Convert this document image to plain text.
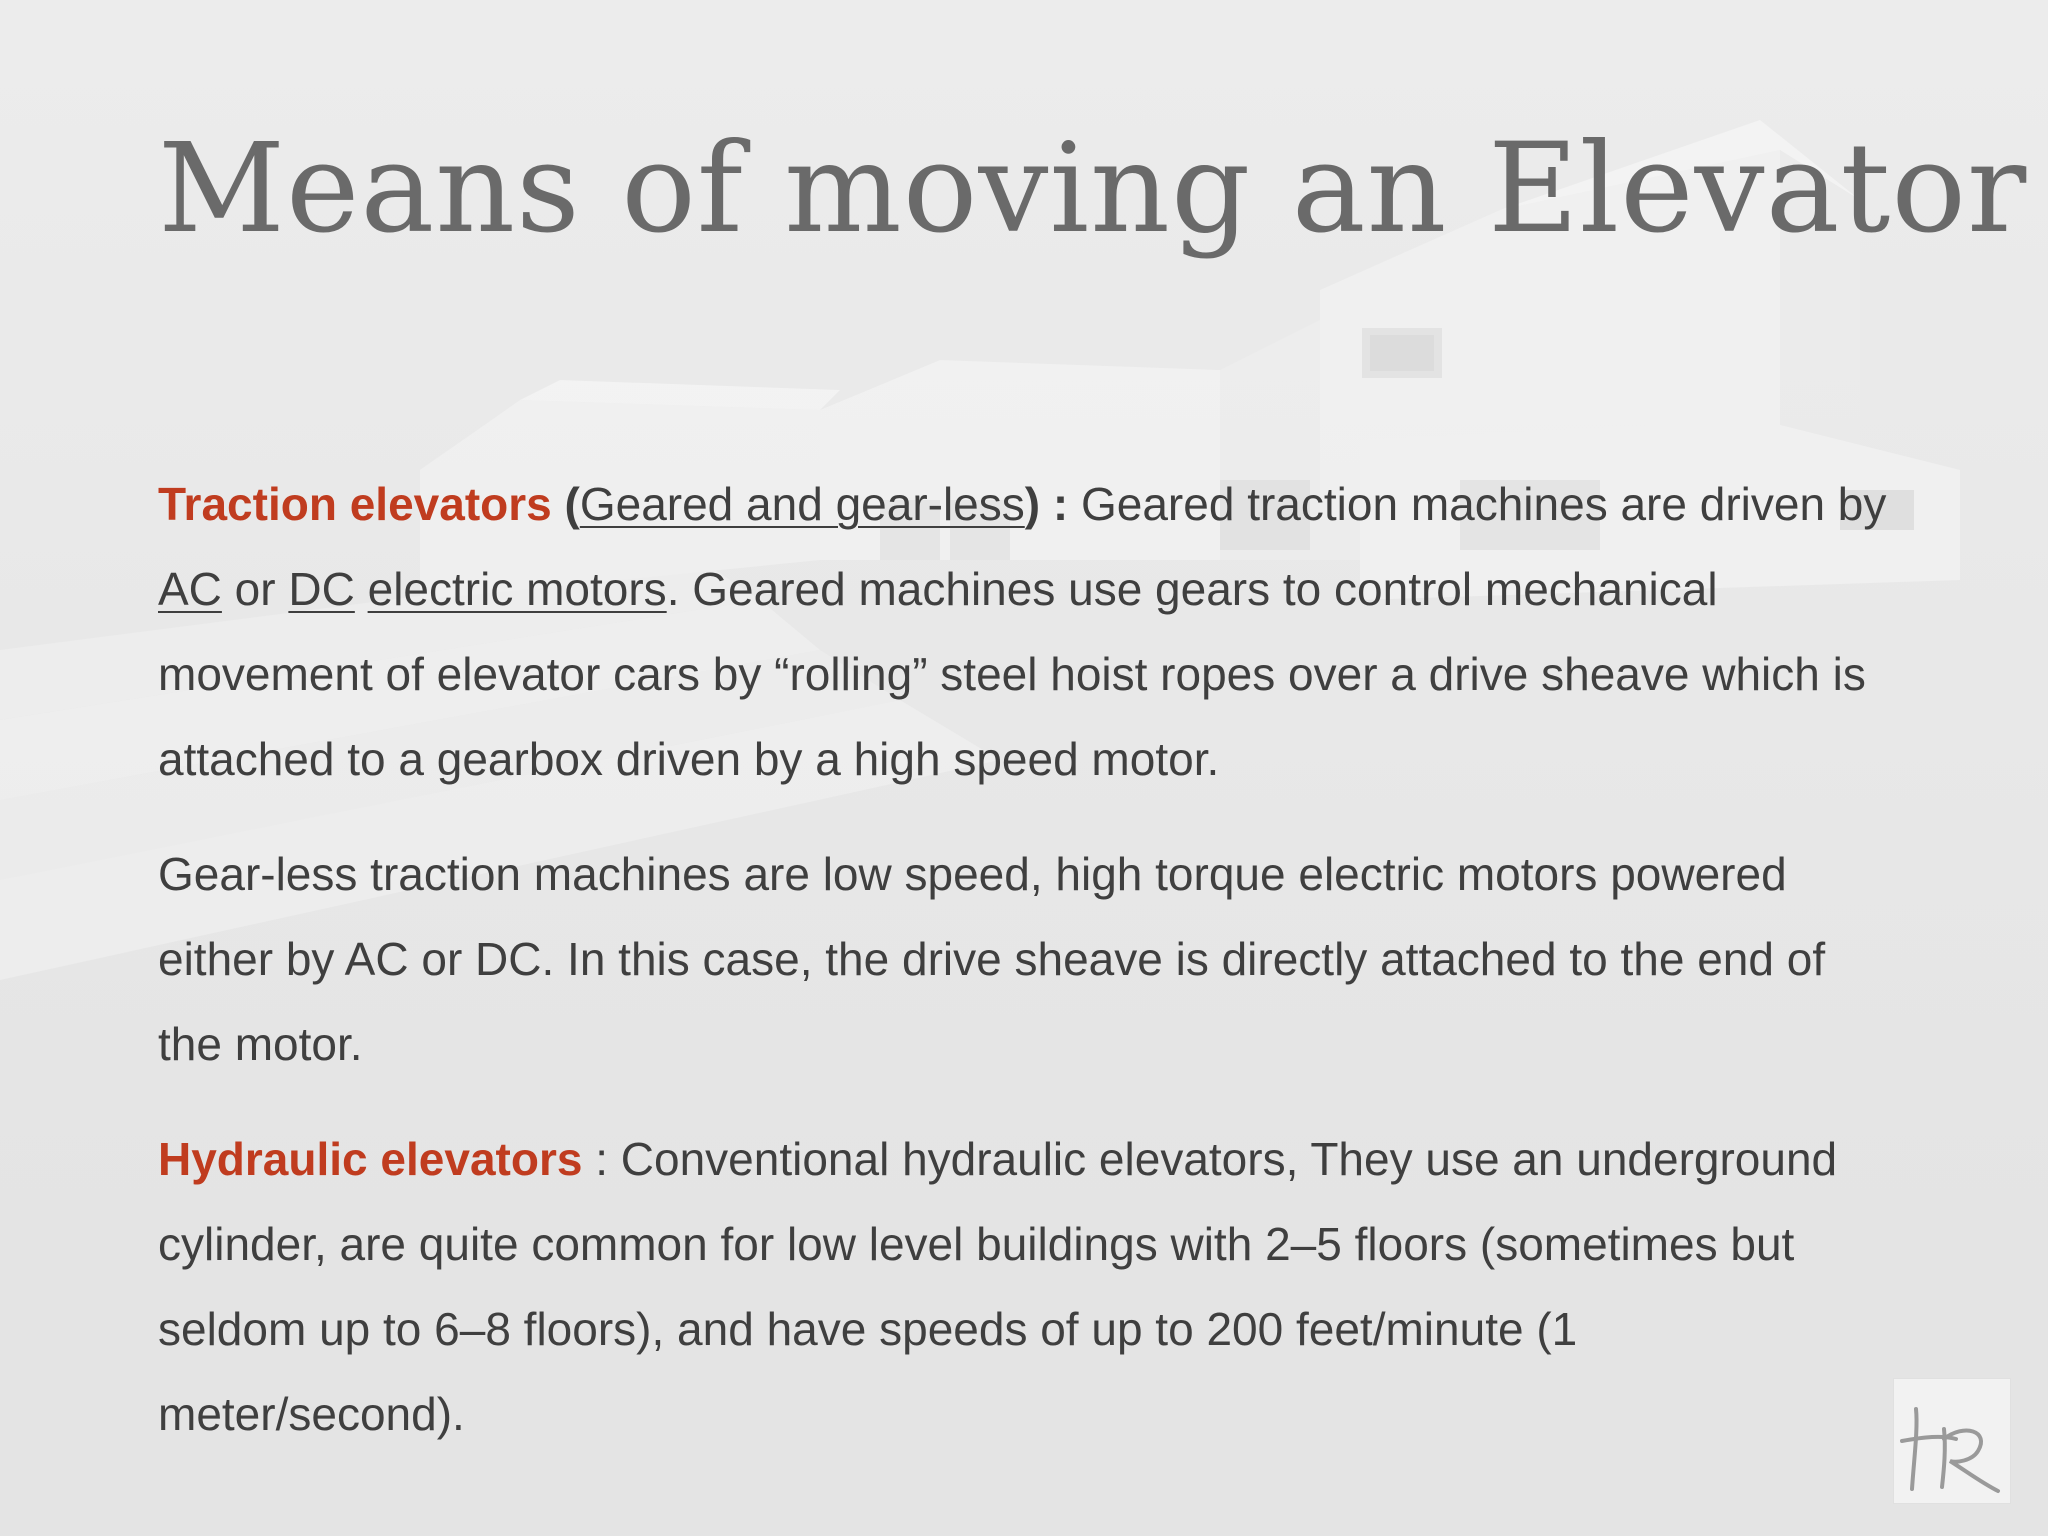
Means of moving an Elevator

Traction elevators (Geared and gear-less) : Geared traction machines are driven by AC or DC electric motors. Geared machines use gears to control mechanical movement of elevator cars by “rolling” steel hoist ropes over a drive sheave which is attached to a gearbox driven by a high speed motor.

Gear-less traction machines are low speed, high torque electric motors powered either by AC or DC. In this case, the drive sheave is directly attached to the end of the motor.

Hydraulic elevators : Conventional hydraulic elevators, They use an underground cylinder, are quite common for low level buildings with 2–5 floors (sometimes but seldom up to 6–8 floors), and have speeds of up to 200 feet/minute (1 meter/second).
